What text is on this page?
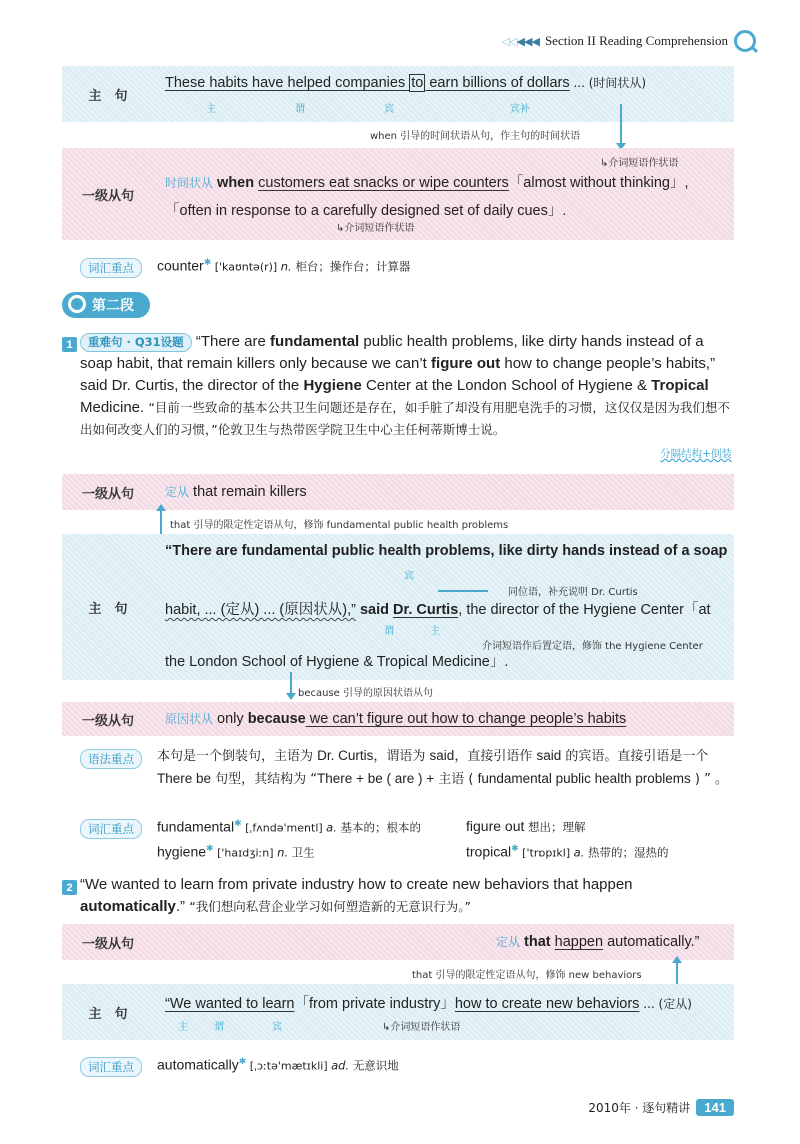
◁◁◀◀◀ Section II Reading Comprehension
主　句
These habits have helped companies to earn billions of dollars ... (时间状从)
主	谓	宾	宾补
when 引导的时间状语从句，作主句的时间状语
一级从句
↳介词短语作状语
时间状从 when customers eat snacks or wipe counters「almost without thinking」,
「often in response to a carefully designed set of daily cues」.
↳介词短语作状语
词汇重点	counter✱ ['kaʊntə(r)] n. 柜台；操作台；计算器
第二段
1	重难句 · Q31设题 “There are fundamental public health problems, like dirty hands instead of a soap habit, that remain killers only because we can’t figure out how to change people’s habits,” said Dr. Curtis, the director of the Hygiene Center at the London School of Hygiene & Tropical Medicine. “目前一些致命的基本公共卫生问题还是存在，如手脏了却没有用肥皂洗手的习惯，这仅仅是因为我们想不出如何改变人们的习惯，”伦敦卫生与热带医学院卫生中心主任柯蒂斯博士说。
分隔结构+倒装
一级从句	定从 that remain killers
that 引导的限定性定语从句，修饰 fundamental public health problems
主　句
“There are fundamental public health problems, like dirty hands instead of a soap
宾
同位语，补充说明 Dr. Curtis
habit, ... (定从) ... (原因状从),” said Dr. Curtis, the director of the Hygiene Center「at
谓	主
介词短语作后置定语，修饰 the Hygiene Center
the London School of Hygiene & Tropical Medicine」.
because 引导的原因状语从句
一级从句	原因状从 only because we can’t figure out how to change people’s habits
语法重点	本句是一个倒装句，主语为 Dr. Curtis，谓语为 said，直接引语作 said 的宾语。直接引语是一个 There be 句型，其结构为 “There + be ( are ) + 主语 ( fundamental public health problems ) ” 。
词汇重点	fundamental✱ [ˌfʌndə'mentl] a. 基本的；根本的	figure out 想出；理解
hygiene✱ ['haɪdʒiːn] n. 卫生	tropical✱ ['trɒpɪkl] a. 热带的；湿热的
2 “We wanted to learn from private industry how to create new behaviors that happen automatically.” “我们想向私营企业学习如何塑造新的无意识行为。”
一级从句	定从 that happen automatically.”
that 引导的限定性定语从句，修饰 new behaviors
主　句
“We wanted to learn「from private industry」how to create new behaviors ... (定从)
主	谓	宾	↳介词短语作状语
词汇重点	automatically✱ [ˌɔːtə'mætɪkli] ad. 无意识地
2010年 · 逐句精讲	141
